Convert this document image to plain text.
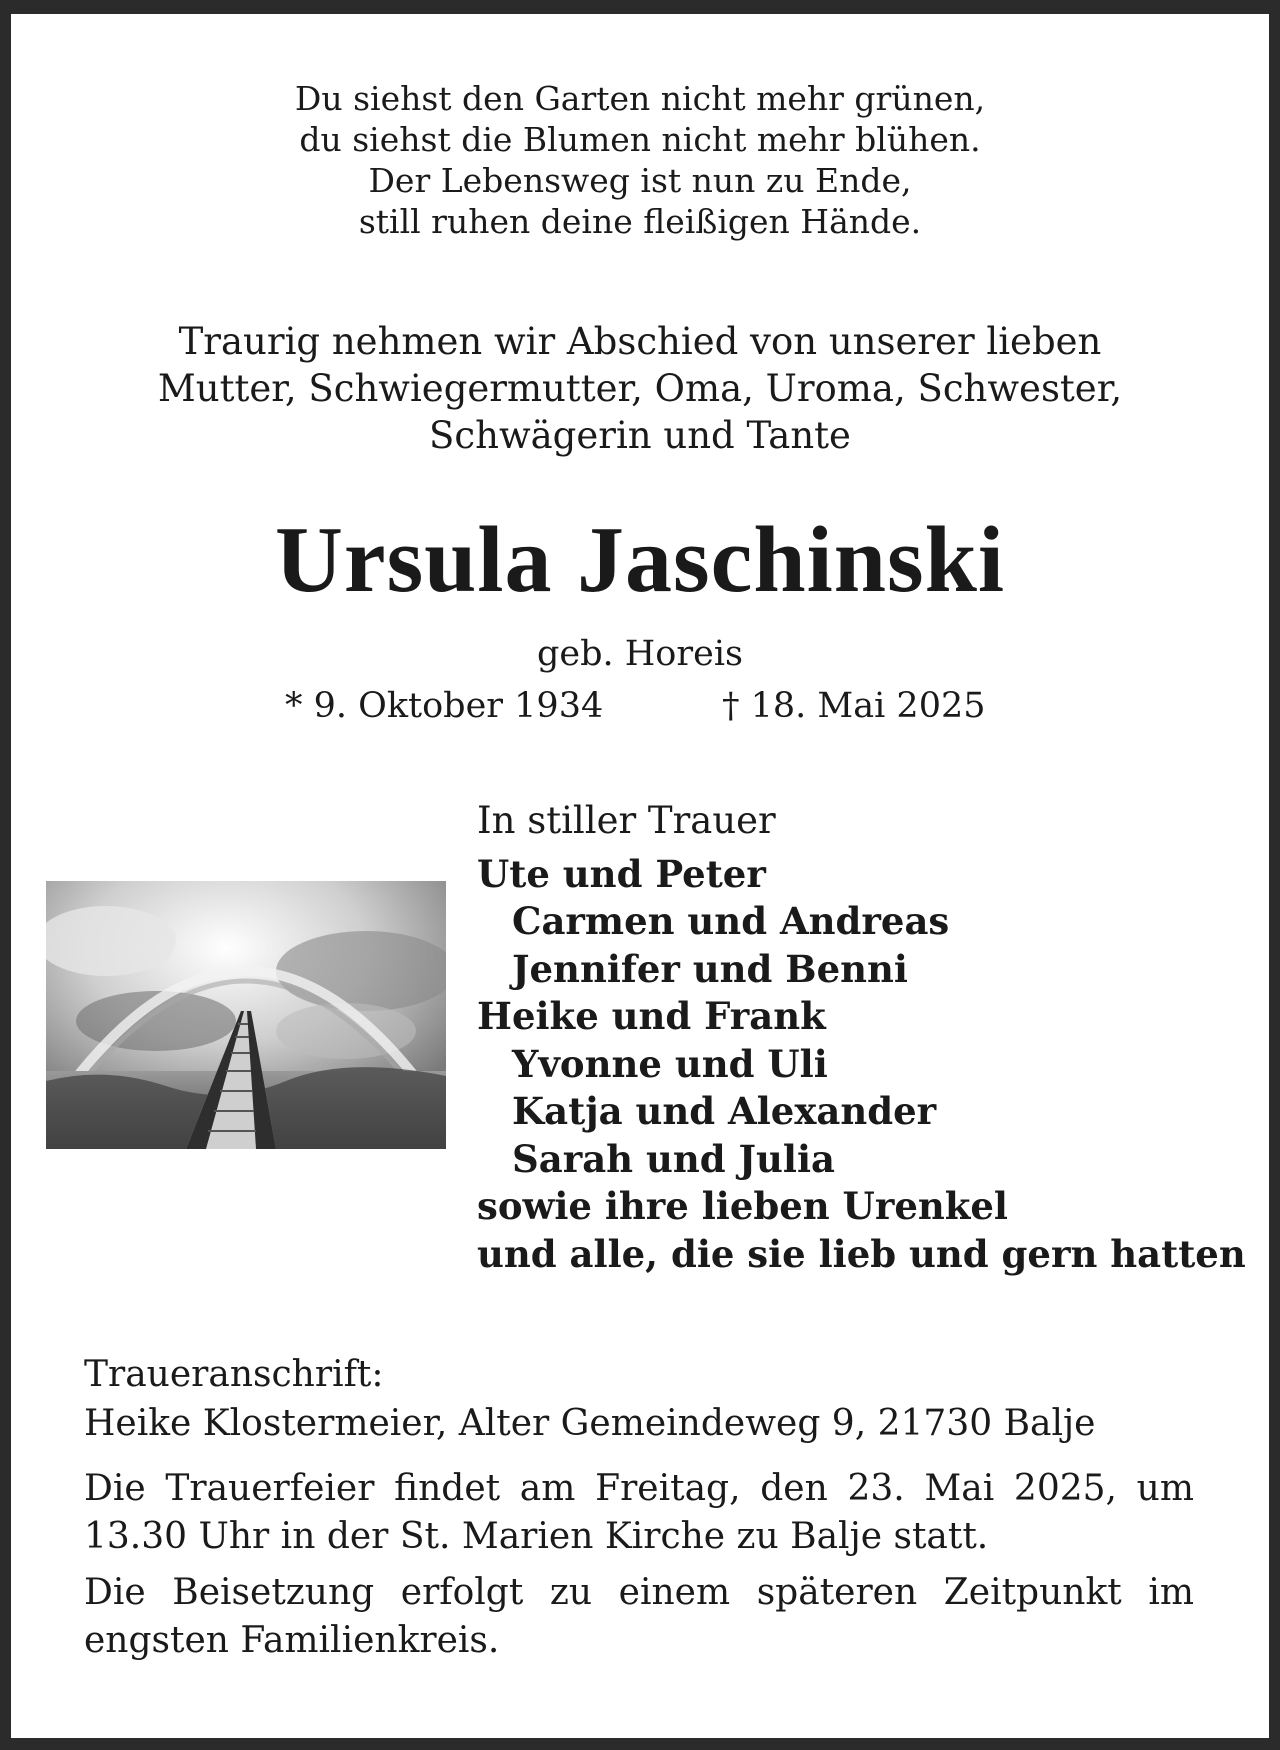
Du siehst den Garten nicht mehr grünen,
du siehst die Blumen nicht mehr blühen.
Der Lebensweg ist nun zu Ende,
still ruhen deine fleißigen Hände.
Traurig nehmen wir Abschied von unserer lieben
Mutter, Schwiegermutter, Oma, Uroma, Schwester,
Schwägerin und Tante
Ursula Jaschinski
geb. Horeis
* 9. Oktober 1934	† 18. Mai 2025
In stiller Trauer
Ute und Peter
Carmen und Andreas
Jennifer und Benni
Heike und Frank
Yvonne und Uli
Katja und Alexander
Sarah und Julia
sowie ihre lieben Urenkel
und alle, die sie lieb und gern hatten
Traueranschrift:
Heike Klostermeier, Alter Gemeindeweg 9, 21730 Balje

Die Trauerfeier findet am Freitag, den 23. Mai 2025, um 13.30 Uhr in der St. Marien Kirche zu Balje statt.

Die Beisetzung erfolgt zu einem späteren Zeitpunkt im engsten Familienkreis.
